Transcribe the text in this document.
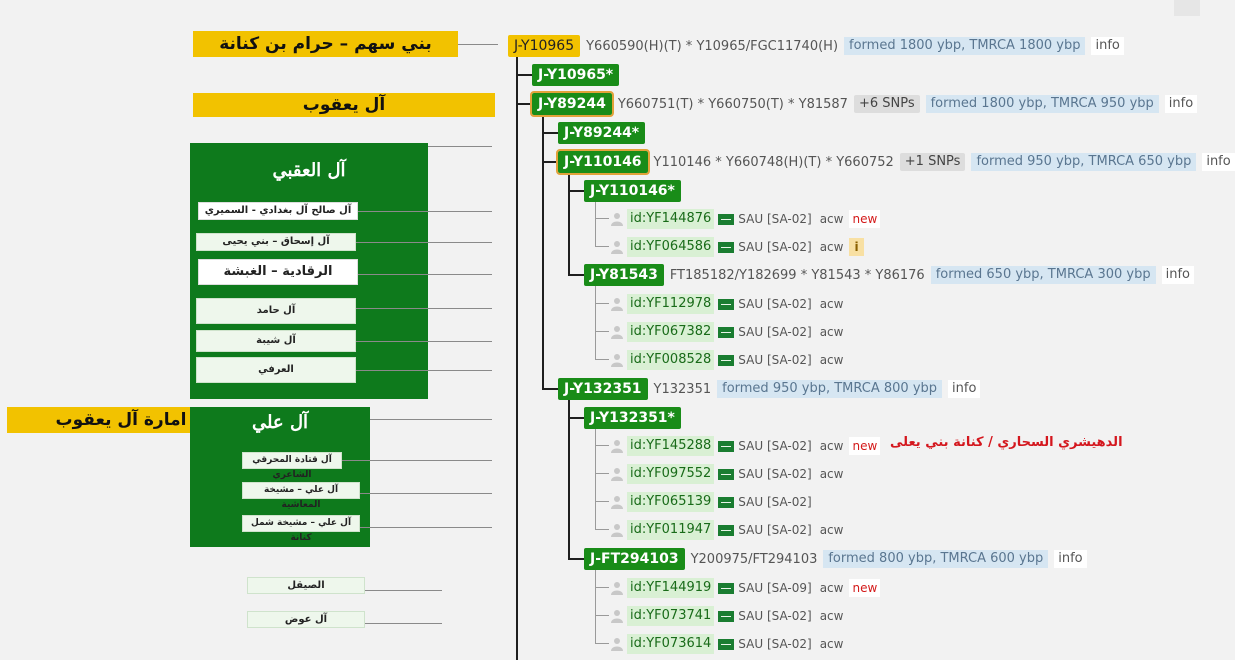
بني سهم – حرام بن كنانة
آل يعقوب
آل العقبي
آل صالح آل بغدادي - السميري
آل إسحاق – بني يحيى
الرقادية – الغبشة
آل حامد
آل شيبة
العرفي
امارة آل يعقوب	آل علي
آل قتادة المحرقي الشاعري
آل علي – مشيخة المعاشية
آل علي – مشيخة شمل كنانة
الصيقل
آل عوض
الدهيشري السحاري / كنانة بني يعلى
J-Y10965 Y660590(H)(T) * Y10965/FGC11740(H) formed 1800 ybp, TMRCA 1800 ybp	info
J-Y10965*
J-Y89244 Y660751(T) * Y660750(T) * Y81587 +6 SNPs	formed 1800 ybp, TMRCA 950 ybp	info
J-Y89244*
J-Y110146 Y110146 * Y660748(H)(T) * Y660752 +1 SNPs	formed 950 ybp, TMRCA 650 ybp	info
J-Y110146*
J-Y81543 FT185182/Y182699 * Y81543 * Y86176 formed 650 ybp, TMRCA 300 ybp	info
J-Y132351 Y132351 formed 950 ybp, TMRCA 800 ybp	info
J-Y132351*
J-FT294103 Y200975/FT294103 formed 800 ybp, TMRCA 600 ybp	info
id:YF144876 SAU [SA-02] acw new
id:YF064586 SAU [SA-02] acw i
id:YF112978 SAU [SA-02] acw
id:YF067382 SAU [SA-02] acw
id:YF008528 SAU [SA-02] acw
id:YF145288 SAU [SA-02] acw new
id:YF097552 SAU [SA-02] acw
id:YF065139 SAU [SA-02]
id:YF011947 SAU [SA-02] acw
id:YF144919 SAU [SA-09] acw new
id:YF073741 SAU [SA-02] acw
id:YF073614 SAU [SA-02] acw
